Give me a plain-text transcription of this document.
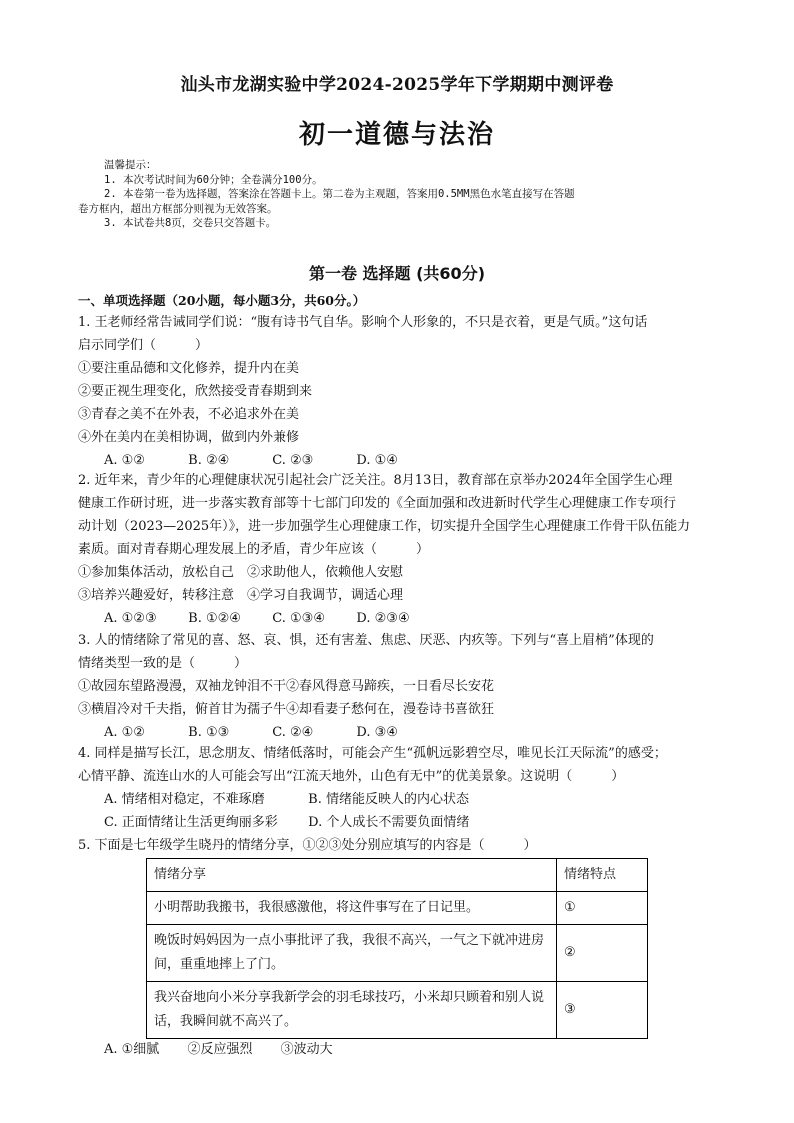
汕头市龙湖实验中学2024-2025学年下学期期中测评卷
初一道德与法治
温馨提示：
1. 本次考试时间为60分钟；全卷满分100分。
2. 本卷第一卷为选择题，答案涂在答题卡上。第二卷为主观题，答案用0.5MM黑色水笔直接写在答题
卷方框内，超出方框部分则视为无效答案。
3. 本试卷共8页，交卷只交答题卡。
第一卷 选择题 (共60分)
一、单项选择题（20小题，每小题3分，共60分。）
1. 王老师经常告诫同学们说：“腹有诗书气自华。影响个人形象的，不只是衣着，更是气质。”这句话
启示同学们（　　　）
①要注重品德和文化修养，提升内在美
②要正视生理变化，欣然接受青春期到来
③青春之美不在外表，不必追求外在美
④外在美内在美相协调，做到内外兼修
A. ①②	B. ②④	C. ②③	D. ①④
2. 近年来，青少年的心理健康状况引起社会广泛关注。8月13日，教育部在京举办2024年全国学生心理
健康工作研讨班，进一步落实教育部等十七部门印发的《全面加强和改进新时代学生心理健康工作专项行
动计划（2023—2025年）》，进一步加强学生心理健康工作，切实提升全国学生心理健康工作骨干队伍能力
素质。面对青春期心理发展上的矛盾，青少年应该（　　　）
①参加集体活动，放松自己　②求助他人，依赖他人安慰
③培养兴趣爱好，转移注意　④学习自我调节，调适心理
A. ①②③ B. ①②④ C. ①③④ D. ②③④
3. 人的情绪除了常见的喜、怒、哀、惧，还有害羞、焦虑、厌恶、内疚等。下列与“喜上眉梢”体现的
情绪类型一致的是（　　　）
①故园东望路漫漫，双袖龙钟泪不干②春风得意马蹄疾，一日看尽长安花
③横眉冷对千夫指，俯首甘为孺子牛④却看妻子愁何在，漫卷诗书喜欲狂
A. ①②	B. ①③	C. ②④	D. ③④
4. 同样是描写长江，思念朋友、情绪低落时，可能会产生“孤帆远影碧空尽，唯见长江天际流”的感受；
心情平静、流连山水的人可能会写出“江流天地外，山色有无中”的优美景象。这说明（　　　）
A. 情绪相对稳定，不难琢磨	B. 情绪能反映人的内心状态
C. 正面情绪让生活更绚丽多彩 D. 个人成长不需要负面情绪
5. 下面是七年级学生晓丹的情绪分享，①②③处分别应填写的内容是（　　　）
情绪分享	情绪特点
小明帮助我搬书，我很感激他，将这件事写在了日记里。	①
晚饭时妈妈因为一点小事批评了我，我很不高兴，一气之下就冲进房间，重重地摔上了门。	②
我兴奋地向小米分享我新学会的羽毛球技巧，小米却只顾着和别人说话，我瞬间就不高兴了。	③
A. ①细腻 ②反应强烈 ③波动大
